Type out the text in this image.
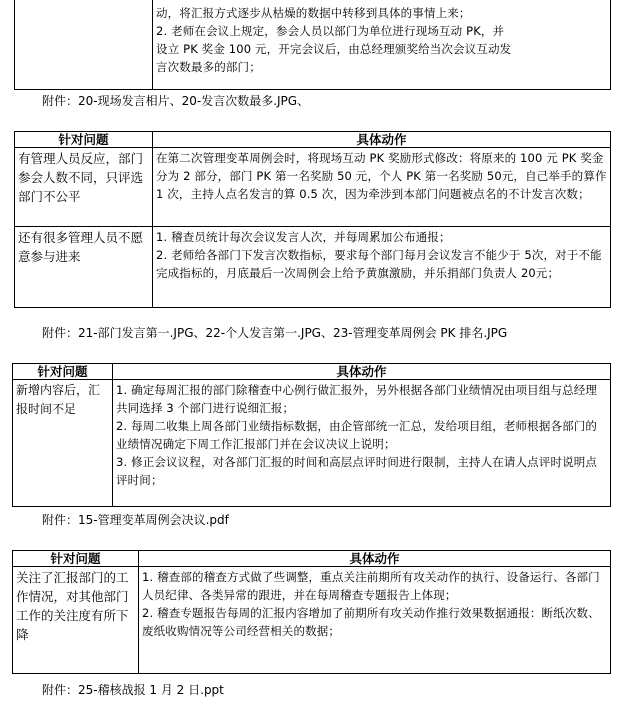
动，将汇报方式逐步从枯燥的数据中转移到具体的事情上来；
2. 老师在会议上规定，参会人员以部门为单位进行现场互动 PK，并
设立 PK 奖金 100 元，开完会议后，由总经理颁奖给当次会议互动发
言次数最多的部门；
附件：20-现场发言相片、20-发言次数最多.JPG、
针对问题	具体动作
有管理人员反应，部门参会人数不同，只评选部门不公平	在第二次管理变革周例会时，将现场互动 PK 奖励形式修改：将原来的 100 元 PK 奖金分为 2 部分，部门 PK 第一名奖励 50 元，个人 PK 第一名奖励 50元，自己举手的算作 1 次，主持人点名发言的算 0.5 次，因为牵涉到本部门问题被点名的不计发言次数；
还有很多管理人员不愿意参与进来	1. 稽查员统计每次会议发言人次，并每周累加公布通报；
2. 老师给各部门下发言次数指标，要求每个部门每月会议发言不能少于 5次，对于不能完成指标的，月底最后一次周例会上给予黄旗激励，并乐捐部门负责人 20元；
附件：21-部门发言第一.JPG、22-个人发言第一.JPG、23-管理变革周例会 PK 排名.JPG
针对问题	具体动作
新增内容后，汇报时间不足	1. 确定每周汇报的部门除稽查中心例行做汇报外，另外根据各部门业绩情况由项目组与总经理共同选择 3 个部门进行说细汇报；
2. 每周二收集上周各部门业绩指标数据，由企管部统一汇总，发给项目组，老师根据各部门的业绩情况确定下周工作汇报部门并在会议决议上说明；
3. 修正会议议程，对各部门汇报的时间和高层点评时间进行限制，主持人在请人点评时说明点评时间；
附件：15-管理变革周例会决议.pdf
针对问题	具体动作
关注了汇报部门的工作情况，对其他部门工作的关注度有所下降	1. 稽查部的稽查方式做了些调整，重点关注前期所有攻关动作的执行、设备运行、各部门人员纪律、各类异常的跟进，并在每周稽查专题报告上体现；
2. 稽查专题报告每周的汇报内容增加了前期所有攻关动作推行效果数据通报：断纸次数、废纸收购情况等公司经营相关的数据；
附件：25-稽核战报 1 月 2 日.ppt
